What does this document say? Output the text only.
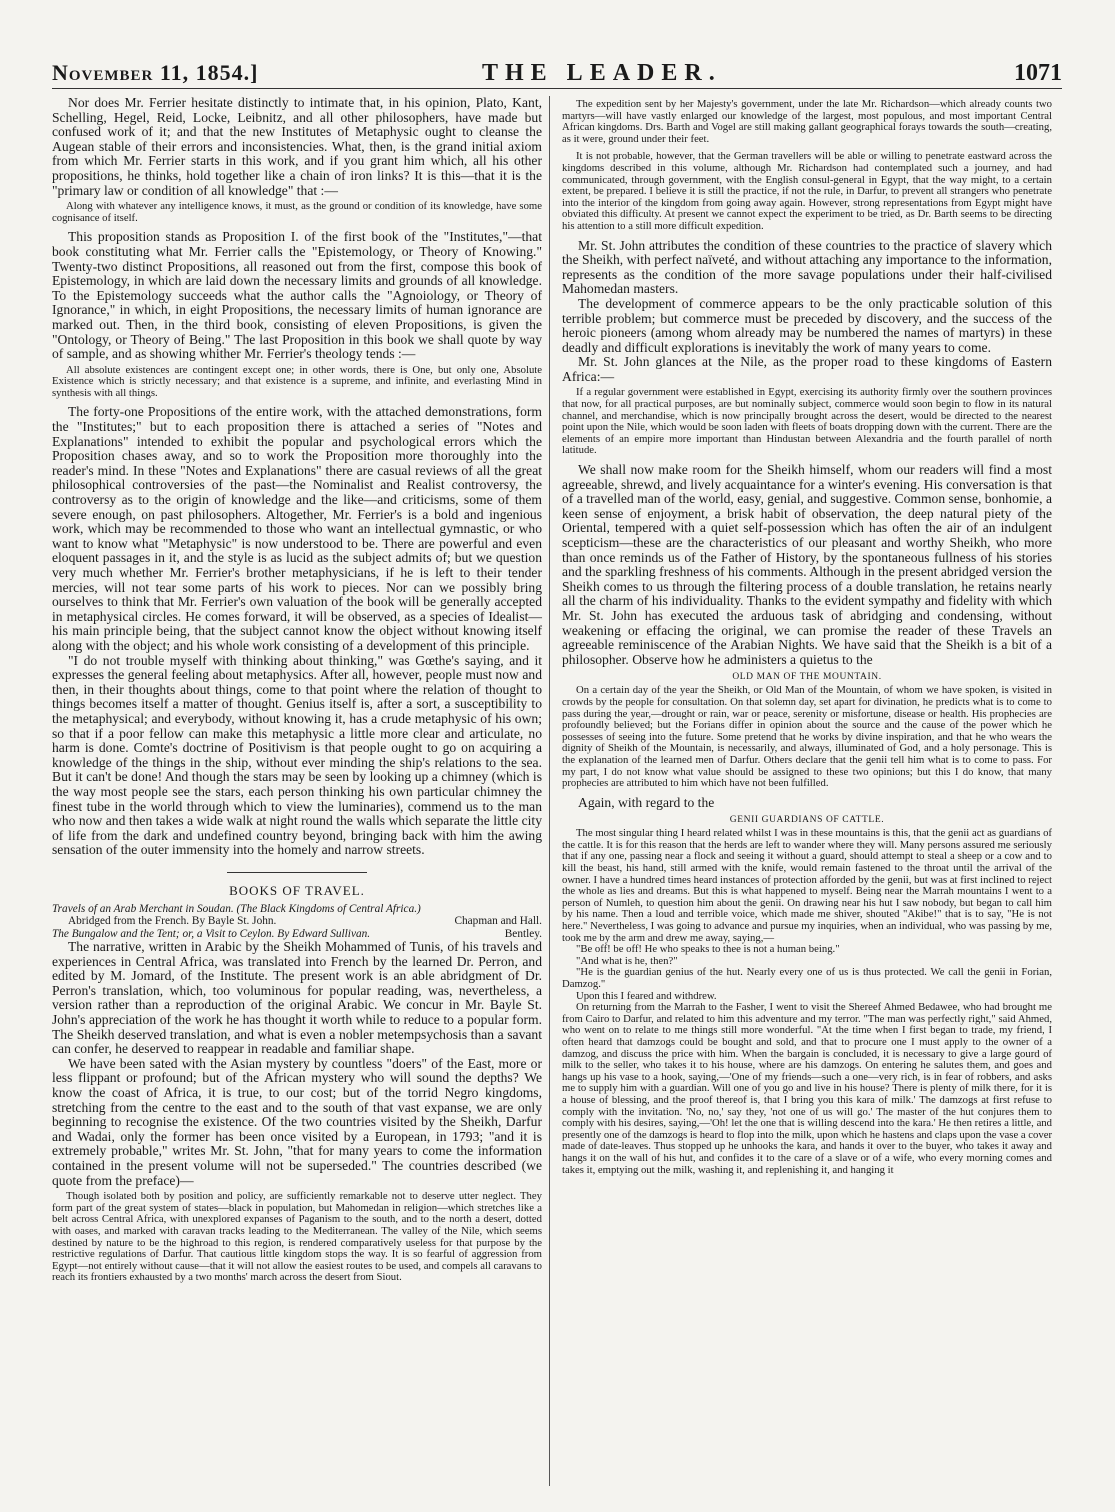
November 11, 1854.]	THE LEADER.	1071

Nor does Mr. Ferrier hesitate distinctly to intimate that, in his opinion, Plato, Kant, Schelling, Hegel, Reid, Locke, Leibnitz, and all other philosophers, have made but confused work of it; and that the new Institutes of Metaphysic ought to cleanse the Augean stable of their errors and inconsistencies. What, then, is the grand initial axiom from which Mr. Ferrier starts in this work, and if you grant him which, all his other propositions, he thinks, hold together like a chain of iron links? It is this—that it is the "primary law or condition of all knowledge" that :—

Along with whatever any intelligence knows, it must, as the ground or condition of its knowledge, have some cognisance of itself.

This proposition stands as Proposition I. of the first book of the "Institutes,"—that book constituting what Mr. Ferrier calls the "Epistemology, or Theory of Knowing." Twenty-two distinct Propositions, all reasoned out from the first, compose this book of Epistemology, in which are laid down the necessary limits and grounds of all knowledge. To the Epistemology succeeds what the author calls the "Agnoiology, or Theory of Ignorance," in which, in eight Propositions, the necessary limits of human ignorance are marked out. Then, in the third book, consisting of eleven Propositions, is given the "Ontology, or Theory of Being." The last Proposition in this book we shall quote by way of sample, and as showing whither Mr. Ferrier's theology tends :—

All absolute existences are contingent except one; in other words, there is One, but only one, Absolute Existence which is strictly necessary; and that existence is a supreme, and infinite, and everlasting Mind in synthesis with all things.

The forty-one Propositions of the entire work, with the attached demonstrations, form the "Institutes;" but to each proposition there is attached a series of "Notes and Explanations" intended to exhibit the popular and psychological errors which the Proposition chases away, and so to work the Proposition more thoroughly into the reader's mind. In these "Notes and Explanations" there are casual reviews of all the great philosophical controversies of the past—the Nominalist and Realist controversy, the controversy as to the origin of knowledge and the like—and criticisms, some of them severe enough, on past philosophers. Altogether, Mr. Ferrier's is a bold and ingenious work, which may be recommended to those who want an intellectual gymnastic, or who want to know what "Metaphysic" is now understood to be. There are powerful and even eloquent passages in it, and the style is as lucid as the subject admits of; but we question very much whether Mr. Ferrier's brother metaphysicians, if he is left to their tender mercies, will not tear some parts of his work to pieces. Nor can we possibly bring ourselves to think that Mr. Ferrier's own valuation of the book will be generally accepted in metaphysical circles. He comes forward, it will be observed, as a species of Idealist—his main principle being, that the subject cannot know the object without knowing itself along with the object; and his whole work consisting of a development of this principle.

"I do not trouble myself with thinking about thinking," was Gœthe's saying, and it expresses the general feeling about metaphysics. After all, however, people must now and then, in their thoughts about things, come to that point where the relation of thought to things becomes itself a matter of thought. Genius itself is, after a sort, a susceptibility to the metaphysical; and everybody, without knowing it, has a crude metaphysic of his own; so that if a poor fellow can make this metaphysic a little more clear and articulate, no harm is done. Comte's doctrine of Positivism is that people ought to go on acquiring a knowledge of the things in the ship, without ever minding the ship's relations to the sea. But it can't be done! And though the stars may be seen by looking up a chimney (which is the way most people see the stars, each person thinking his own particular chimney the finest tube in the world through which to view the luminaries), commend us to the man who now and then takes a wide walk at night round the walls which separate the little city of life from the dark and undefined country beyond, bringing back with him the awing sensation of the outer immensity into the homely and narrow streets.

BOOKS OF TRAVEL.

Travels of an Arab Merchant in Soudan. (The Black Kingdoms of Central Africa.)

Abridged from the French. By Bayle St. John.	Chapman and Hall.

The Bungalow and the Tent; or, a Visit to Ceylon. By Edward Sullivan.	Bentley.

The narrative, written in Arabic by the Sheikh Mohammed of Tunis, of his travels and experiences in Central Africa, was translated into French by the learned Dr. Perron, and edited by M. Jomard, of the Institute. The present work is an able abridgment of Dr. Perron's translation, which, too voluminous for popular reading, was, nevertheless, a version rather than a reproduction of the original Arabic. We concur in Mr. Bayle St. John's appreciation of the work he has thought it worth while to reduce to a popular form. The Sheikh deserved translation, and what is even a nobler metempsychosis than a savant can confer, he deserved to reappear in readable and familiar shape.

We have been sated with the Asian mystery by countless "doers" of the East, more or less flippant or profound; but of the African mystery who will sound the depths? We know the coast of Africa, it is true, to our cost; but of the torrid Negro kingdoms, stretching from the centre to the east and to the south of that vast expanse, we are only beginning to recognise the existence. Of the two countries visited by the Sheikh, Darfur and Wadai, only the former has been once visited by a European, in 1793; "and it is extremely probable," writes Mr. St. John, "that for many years to come the information contained in the present volume will not be superseded." The countries described (we quote from the preface)—

Though isolated both by position and policy, are sufficiently remarkable not to deserve utter neglect. They form part of the great system of states—black in population, but Mahomedan in religion—which stretches like a belt across Central Africa, with unexplored expanses of Paganism to the south, and to the north a desert, dotted with oases, and marked with caravan tracks leading to the Mediterranean. The valley of the Nile, which seems destined by nature to be the highroad to this region, is rendered comparatively useless for that purpose by the restrictive regulations of Darfur. That cautious little kingdom stops the way. It is so fearful of aggression from Egypt—not entirely without cause—that it will not allow the easiest routes to be used, and compels all caravans to reach its frontiers exhausted by a two months' march across the desert from Siout.

The expedition sent by her Majesty's government, under the late Mr. Richardson—which already counts two martyrs—will have vastly enlarged our knowledge of the largest, most populous, and most important Central African kingdoms. Drs. Barth and Vogel are still making gallant geographical forays towards the south—creating, as it were, ground under their feet.

It is not probable, however, that the German travellers will be able or willing to penetrate eastward across the kingdoms described in this volume, although Mr. Richardson had contemplated such a journey, and had communicated, through government, with the English consul-general in Egypt, that the way might, to a certain extent, be prepared. I believe it is still the practice, if not the rule, in Darfur, to prevent all strangers who penetrate into the interior of the kingdom from going away again. However, strong representations from Egypt might have obviated this difficulty. At present we cannot expect the experiment to be tried, as Dr. Barth seems to be directing his attention to a still more difficult expedition.

Mr. St. John attributes the condition of these countries to the practice of slavery which the Sheikh, with perfect naïveté, and without attaching any importance to the information, represents as the condition of the more savage populations under their half-civilised Mahomedan masters.

The development of commerce appears to be the only practicable solution of this terrible problem; but commerce must be preceded by discovery, and the success of the heroic pioneers (among whom already may be numbered the names of martyrs) in these deadly and difficult explorations is inevitably the work of many years to come.

Mr. St. John glances at the Nile, as the proper road to these kingdoms of Eastern Africa:—

If a regular government were established in Egypt, exercising its authority firmly over the southern provinces that now, for all practical purposes, are but nominally subject, commerce would soon begin to flow in its natural channel, and merchandise, which is now principally brought across the desert, would be directed to the nearest point upon the Nile, which would be soon laden with fleets of boats dropping down with the current. There are the elements of an empire more important than Hindustan between Alexandria and the fourth parallel of north latitude.

We shall now make room for the Sheikh himself, whom our readers will find a most agreeable, shrewd, and lively acquaintance for a winter's evening. His conversation is that of a travelled man of the world, easy, genial, and suggestive. Common sense, bonhomie, a keen sense of enjoyment, a brisk habit of observation, the deep natural piety of the Oriental, tempered with a quiet self-possession which has often the air of an indulgent scepticism—these are the characteristics of our pleasant and worthy Sheikh, who more than once reminds us of the Father of History, by the spontaneous fullness of his stories and the sparkling freshness of his comments. Although in the present abridged version the Sheikh comes to us through the filtering process of a double translation, he retains nearly all the charm of his individuality. Thanks to the evident sympathy and fidelity with which Mr. St. John has executed the arduous task of abridging and condensing, without weakening or effacing the original, we can promise the reader of these Travels an agreeable reminiscence of the Arabian Nights. We have said that the Sheikh is a bit of a philosopher. Observe how he administers a quietus to the

OLD MAN OF THE MOUNTAIN.

On a certain day of the year the Sheikh, or Old Man of the Mountain, of whom we have spoken, is visited in crowds by the people for consultation. On that solemn day, set apart for divination, he predicts what is to come to pass during the year,—drought or rain, war or peace, serenity or misfortune, disease or health. His prophecies are profoundly believed; but the Forians differ in opinion about the source and the cause of the power which he possesses of seeing into the future. Some pretend that he works by divine inspiration, and that he who wears the dignity of Sheikh of the Mountain, is necessarily, and always, illuminated of God, and a holy personage. This is the explanation of the learned men of Darfur. Others declare that the genii tell him what is to come to pass. For my part, I do not know what value should be assigned to these two opinions; but this I do know, that many prophecies are attributed to him which have not been fulfilled.

Again, with regard to the

GENII GUARDIANS OF CATTLE.

The most singular thing I heard related whilst I was in these mountains is this, that the genii act as guardians of the cattle. It is for this reason that the herds are left to wander where they will. Many persons assured me seriously that if any one, passing near a flock and seeing it without a guard, should attempt to steal a sheep or a cow and to kill the beast, his hand, still armed with the knife, would remain fastened to the throat until the arrival of the owner. I have a hundred times heard instances of protection afforded by the genii, but was at first inclined to reject the whole as lies and dreams. But this is what happened to myself. Being near the Marrah mountains I went to a person of Numleh, to question him about the genii. On drawing near his hut I saw nobody, but began to call him by his name. Then a loud and terrible voice, which made me shiver, shouted "Akibe!" that is to say, "He is not here." Nevertheless, I was going to advance and pursue my inquiries, when an individual, who was passing by me, took me by the arm and drew me away, saying,—

"Be off! be off! He who speaks to thee is not a human being."

"And what is he, then?"

"He is the guardian genius of the hut. Nearly every one of us is thus protected. We call the genii in Forian, Damzog."

Upon this I feared and withdrew.

On returning from the Marrah to the Fasher, I went to visit the Shereef Ahmed Bedawee, who had brought me from Cairo to Darfur, and related to him this adventure and my terror. "The man was perfectly right," said Ahmed, who went on to relate to me things still more wonderful. "At the time when I first began to trade, my friend, I often heard that damzogs could be bought and sold, and that to procure one I must apply to the owner of a damzog, and discuss the price with him. When the bargain is concluded, it is necessary to give a large gourd of milk to the seller, who takes it to his house, where are his damzogs. On entering he salutes them, and goes and hangs up his vase to a hook, saying,—'One of my friends—such a one—very rich, is in fear of robbers, and asks me to supply him with a guardian. Will one of you go and live in his house? There is plenty of milk there, for it is a house of blessing, and the proof thereof is, that I bring you this kara of milk.' The damzogs at first refuse to comply with the invitation. 'No, no,' say they, 'not one of us will go.' The master of the hut conjures them to comply with his desires, saying,—'Oh! let the one that is willing descend into the kara.' He then retires a little, and presently one of the damzogs is heard to flop into the milk, upon which he hastens and claps upon the vase a cover made of date-leaves. Thus stopped up he unhooks the kara, and hands it over to the buyer, who takes it away and hangs it on the wall of his hut, and confides it to the care of a slave or of a wife, who every morning comes and takes it, emptying out the milk, washing it, and replenishing it, and hanging it
